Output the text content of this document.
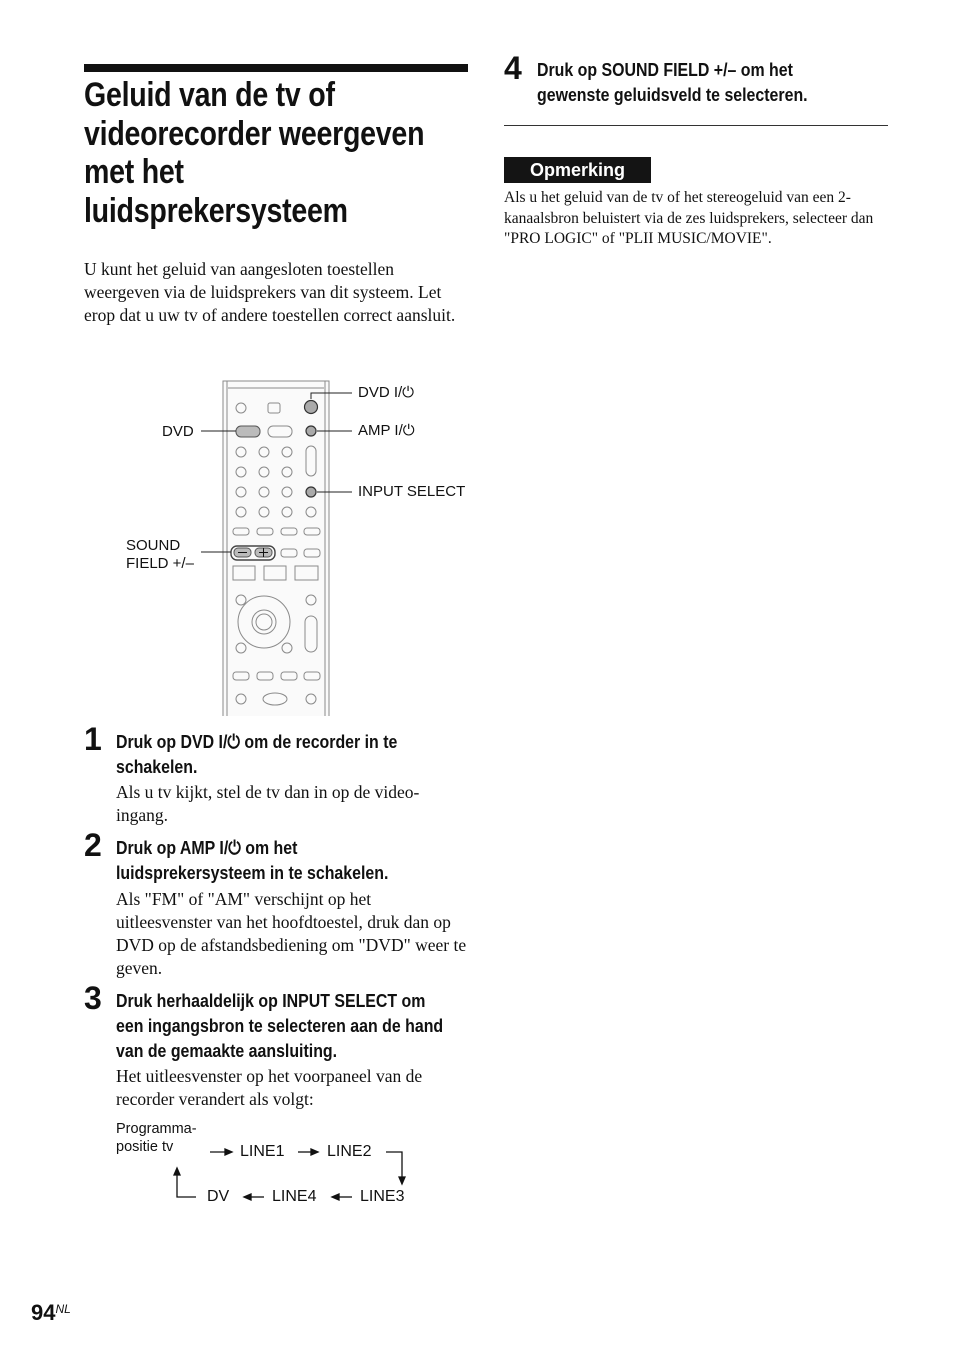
Geluid van de tv of videorecorder weergeven met het luidsprekersysteem
U kunt het geluid van aangesloten toestellen weergeven via de luidsprekers van dit systeem. Let erop dat u uw tv of andere toestellen correct aansluit.
DVD I/⏻
AMP I/⏻
INPUT SELECT
DVD
SOUND
FIELD +/–
1 Druk op DVD I/⏻ om de recorder in te
schakelen.
Als u tv kijkt, stel de tv dan in op de video-ingang.
2 Druk op AMP I/⏻ om het
luidsprekersysteem in te schakelen.
Als "FM" of "AM" verschijnt op het uitleesvenster van het hoofdtoestel, druk dan op DVD op de afstandsbediening om "DVD" weer te geven.
3 Druk herhaaldelijk op INPUT SELECT om
een ingangsbron te selecteren aan de hand
van de gemaakte aansluiting.
Het uitleesvenster op het voorpaneel van de recorder verandert als volgt:
Programma-
positie tv	LINE1	LINE2
LINE3
LINE4
DV
4 Druk op SOUND FIELD +/– om het
gewenste geluidsveld te selecteren.
Opmerking
Als u het geluid van de tv of het stereogeluid van een 2-kanaalsbron beluistert via de zes luidsprekers, selecteer dan "PRO LOGIC" of "PLII MUSIC/MOVIE".
$94^{NL}$
